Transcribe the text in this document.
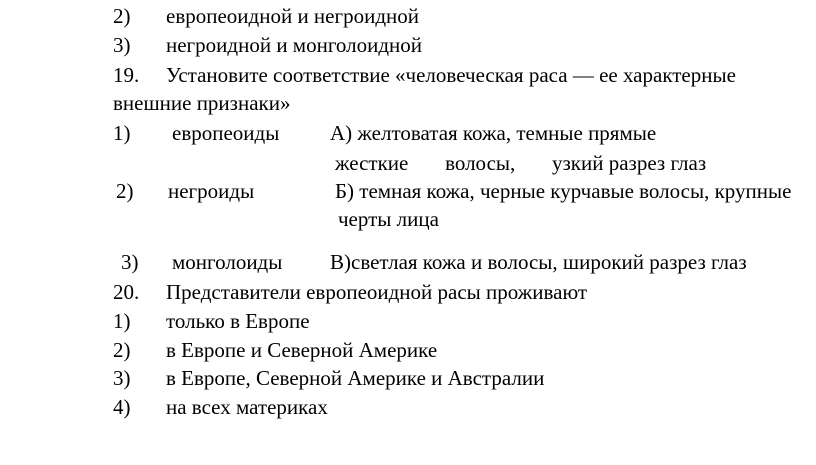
2) европеоидной и негроидной
3) негроидной и монголоидной
19. Установите соответствие «человеческая раса — ее характерные
внешние признаки»
1) европеоиды А) желтоватая кожа, темные прямые
жесткие       волосы,       узкий разрез глаз
2) негроиды	Б) темная кожа, черные курчавые волосы, крупные
черты лица
3) монголоиды В)светлая кожа и волосы, широкий разрез глаз
20. Представители европеоидной расы проживают
1) только в Европе
2) в Европе и Северной Америке
3) в Европе, Северной Америке и Австралии
4) на всех материках
